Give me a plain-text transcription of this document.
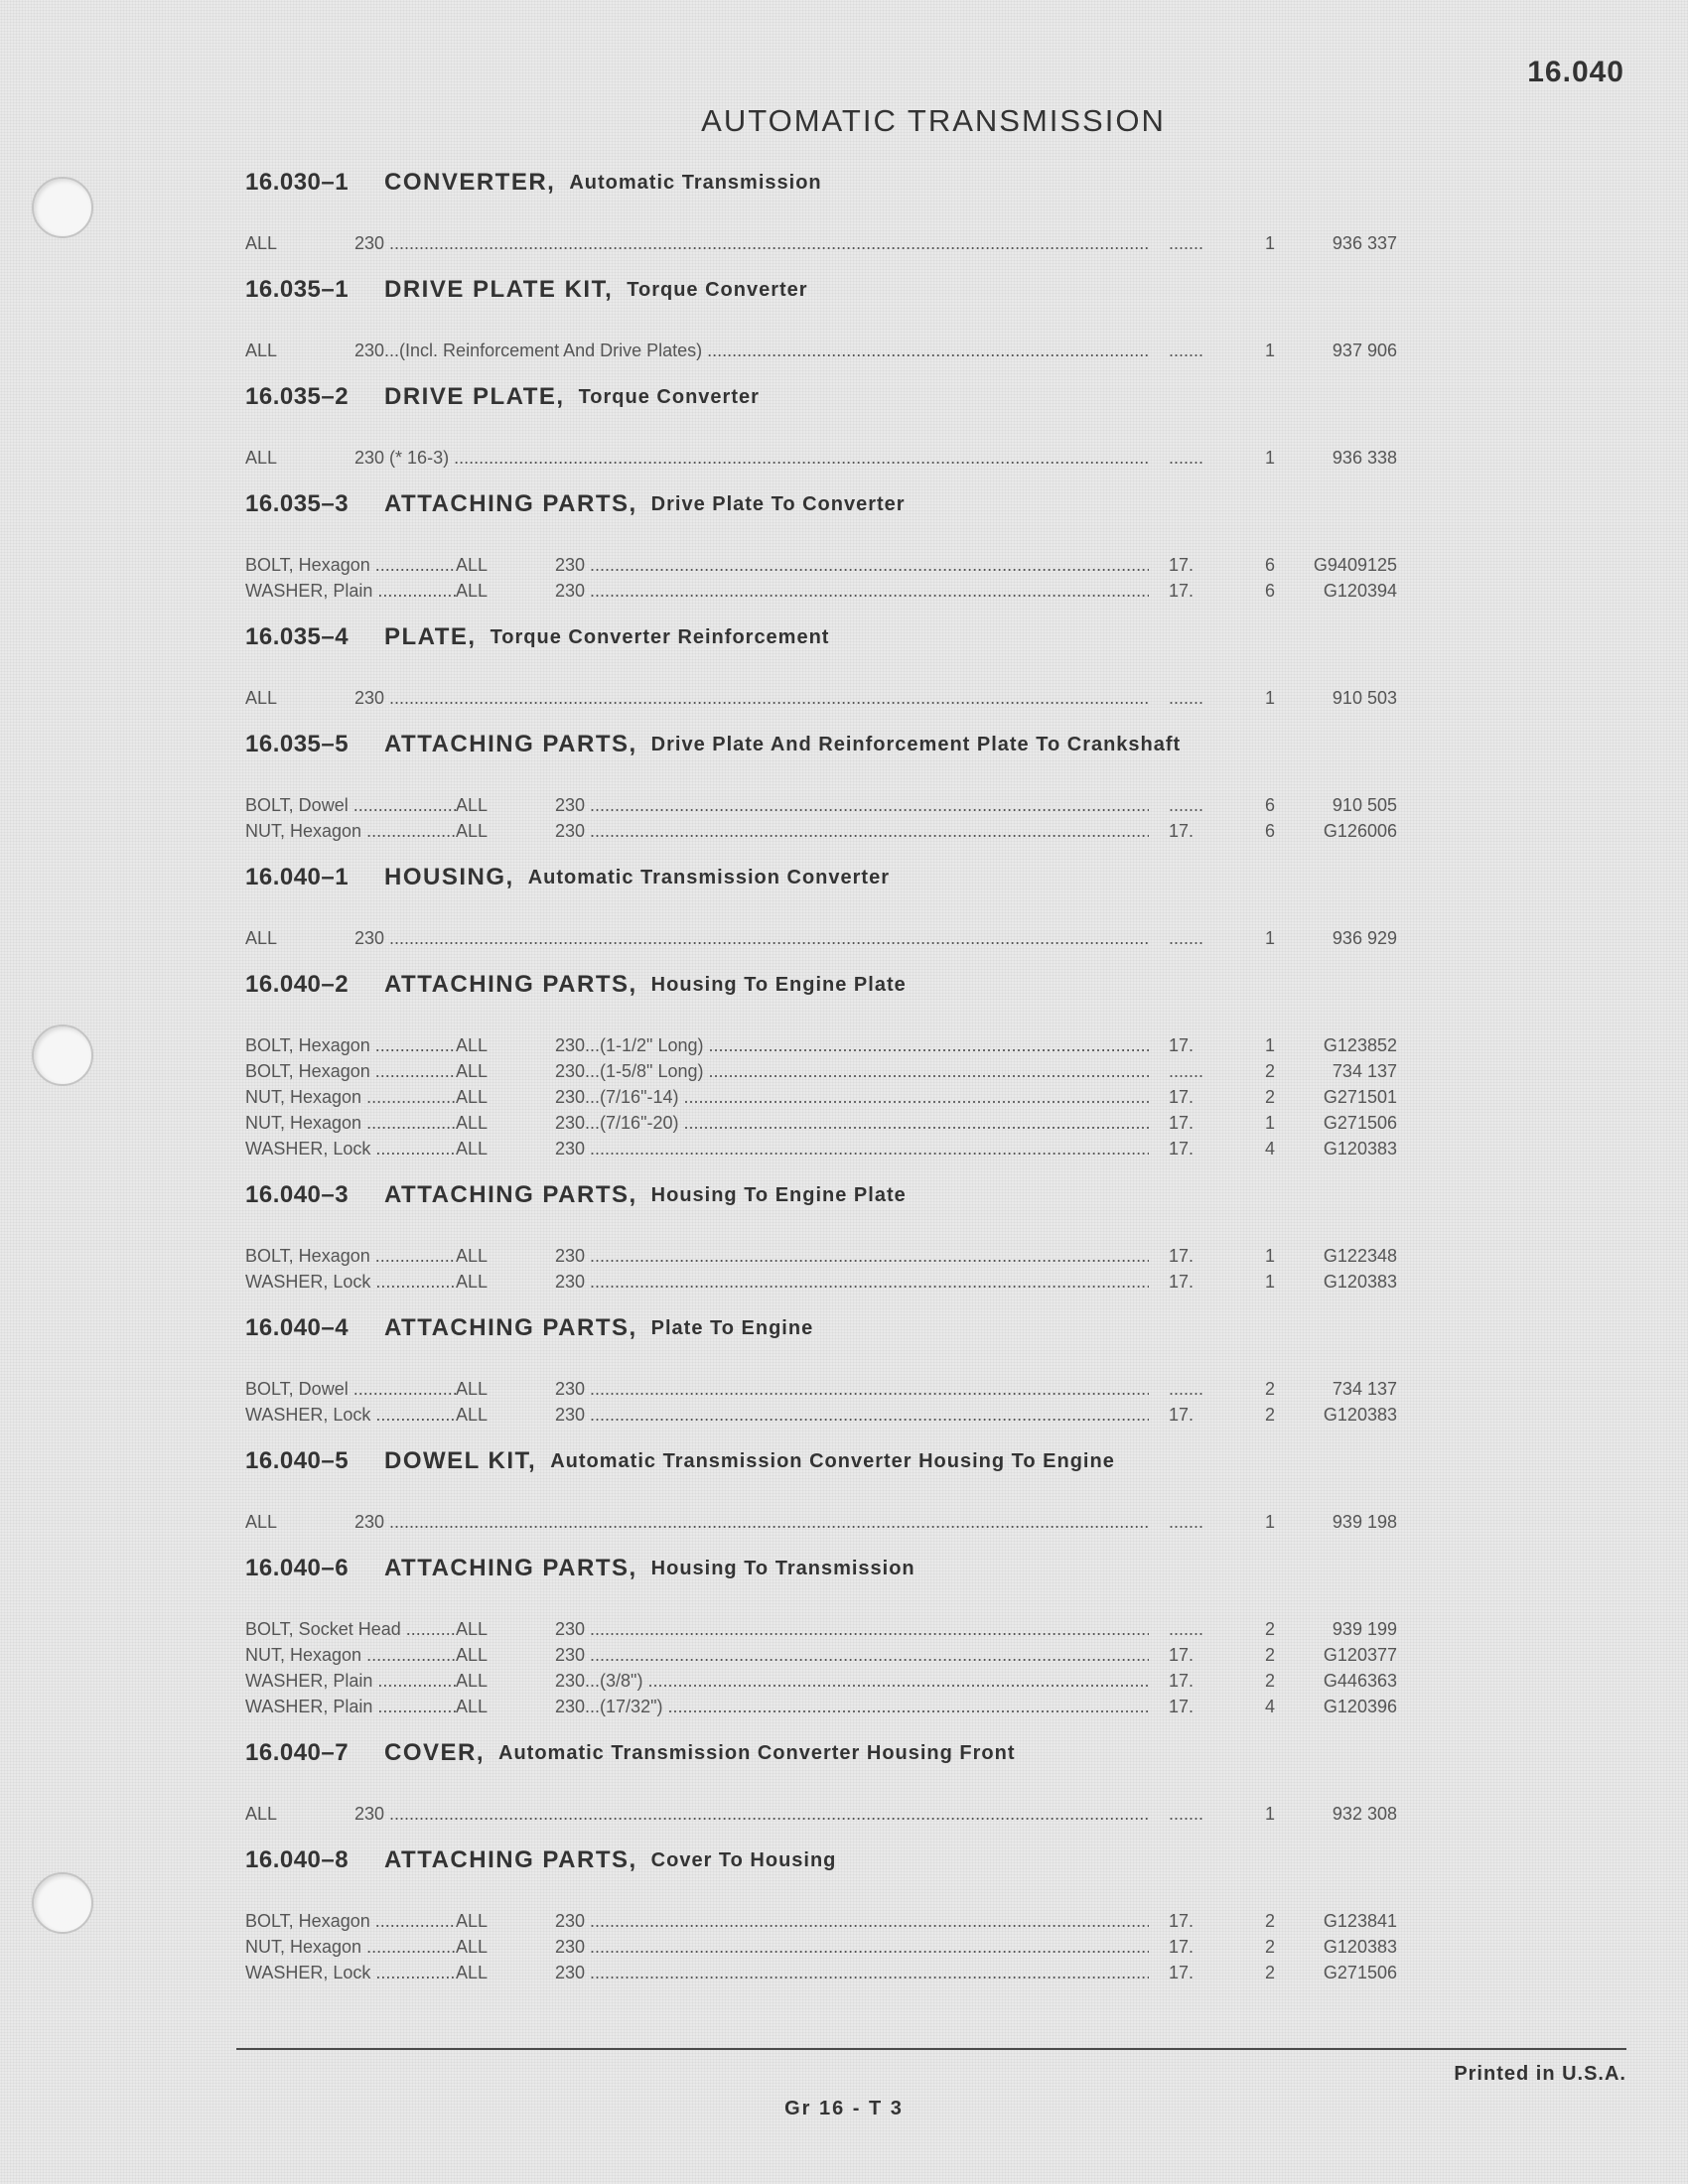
16.040
AUTOMATIC TRANSMISSION
16.030–1	CONVERTER, Automatic Transmission
ALL	230 .....	.......	1	936 337
16.035–1	DRIVE PLATE KIT, Torque Converter
ALL	230...(Incl. Reinforcement And Drive Plates) .....	.......	1	937 906
16.035–2	DRIVE PLATE, Torque Converter
ALL	230 (* 16-3) .....	.......	1	936 338
16.035–3	ATTACHING PARTS, Drive Plate To Converter
BOLT, Hexagon .....	ALL	230 .....	17.	6	G9409125
WASHER, Plain .....	ALL	230 .....	17.	6	G120394
16.035–4	PLATE, Torque Converter Reinforcement
ALL	230 .....	.......	1	910 503
16.035–5	ATTACHING PARTS, Drive Plate And Reinforcement Plate To Crankshaft
BOLT, Dowel .....	ALL	230 .....	.......	6	910 505
NUT, Hexagon .....	ALL	230 .....	17.	6	G126006
16.040–1	HOUSING, Automatic Transmission Converter
ALL	230 .....	.......	1	936 929
16.040–2	ATTACHING PARTS, Housing To Engine Plate
BOLT, Hexagon .....	ALL	230...(1-1/2" Long) .....	17.	1	G123852
BOLT, Hexagon .....	ALL	230...(1-5/8" Long) .....	.......	2	734 137
NUT, Hexagon .....	ALL	230...(7/16"-14) .....	17.	2	G271501
NUT, Hexagon .....	ALL	230...(7/16"-20) .....	17.	1	G271506
WASHER, Lock .....	ALL	230 .....	17.	4	G120383
16.040–3	ATTACHING PARTS, Housing To Engine Plate
BOLT, Hexagon .....	ALL	230 .....	17.	1	G122348
WASHER, Lock .....	ALL	230 .....	17.	1	G120383
16.040–4	ATTACHING PARTS, Plate To Engine
BOLT, Dowel .....	ALL	230 .....	.......	2	734 137
WASHER, Lock .....	ALL	230 .....	17.	2	G120383
16.040–5	DOWEL KIT, Automatic Transmission Converter Housing To Engine
ALL	230 .....	.......	1	939 198
16.040–6	ATTACHING PARTS, Housing To Transmission
BOLT, Socket Head .....	ALL	230 .....	.......	2	939 199
NUT, Hexagon .....	ALL	230 .....	17.	2	G120377
WASHER, Plain .....	ALL	230...(3/8") .....	17.	2	G446363
WASHER, Plain .....	ALL	230...(17/32") .....	17.	4	G120396
16.040–7	COVER, Automatic Transmission Converter Housing Front
ALL	230 .....	.......	1	932 308
16.040–8	ATTACHING PARTS, Cover To Housing
BOLT, Hexagon .....	ALL	230 .....	17.	2	G123841
NUT, Hexagon .....	ALL	230 .....	17.	2	G120383
WASHER, Lock .....	ALL	230 .....	17.	2	G271506
Printed in U.S.A.
Gr 16 - T 3
